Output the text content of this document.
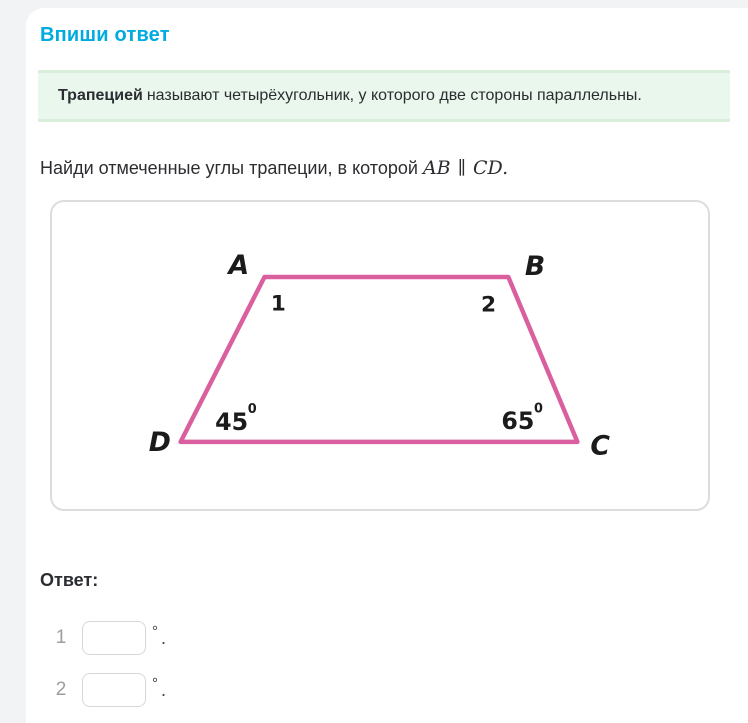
Впиши ответ
Трапецией называют четырёхугольник, у которого две стороны параллельны.
Найди отмеченные углы трапеции, в которой AB ∥ CD.
A	B
C
D
1	2
45 0	65 0
Ответ:
1	° .
2	° .
